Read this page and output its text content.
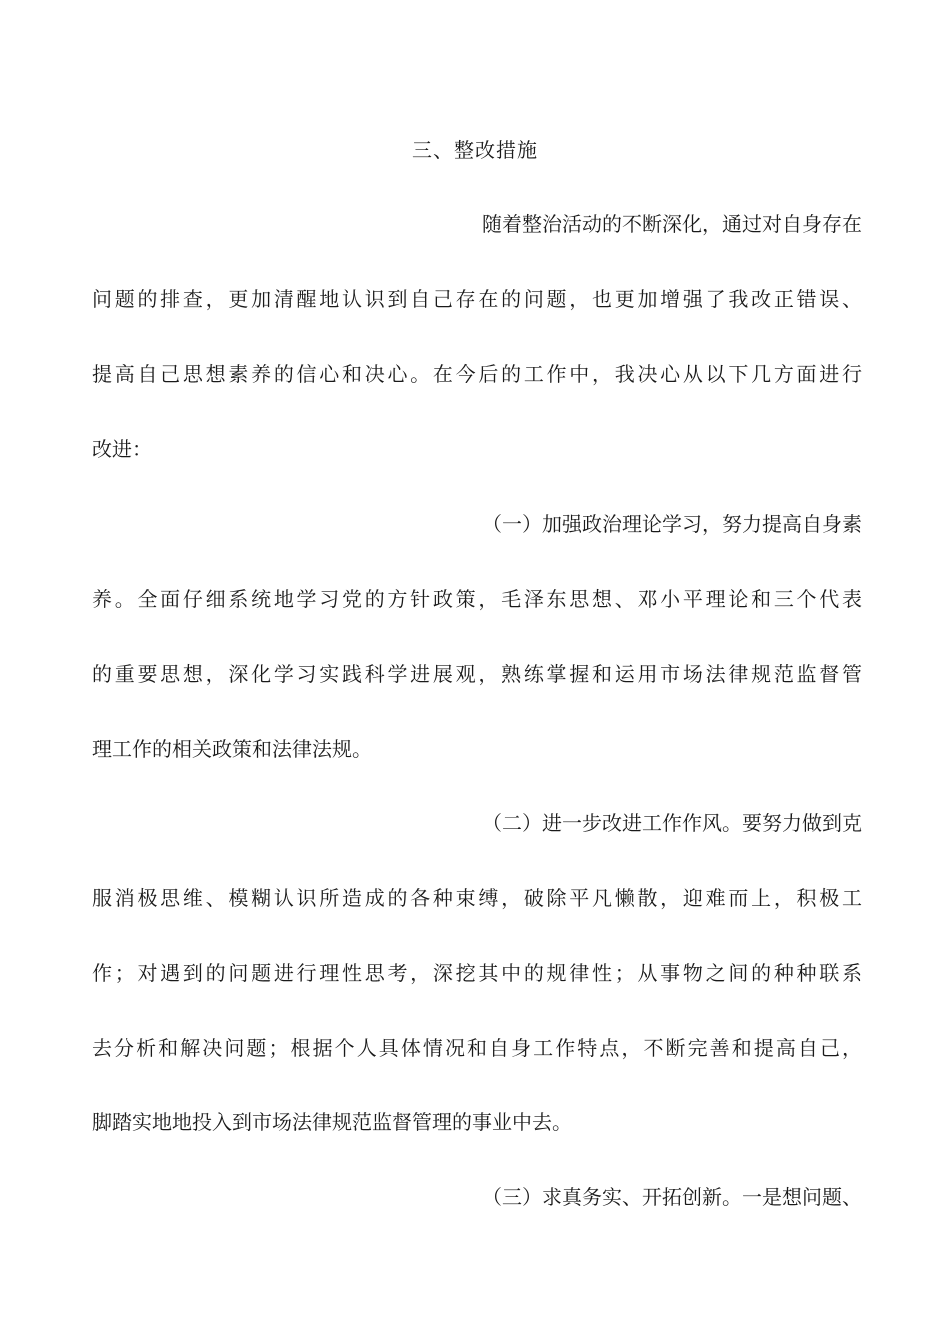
三、整改措施
随着整治活动的不断深化，通过对自身存在
问题的排查，更加清醒地认识到自己存在的问题，也更加增强了我改正错误、
提高自己思想素养的信心和决心。在今后的工作中，我决心从以下几方面进行
改进：
（一）加强政治理论学习，努力提高自身素
养。全面仔细系统地学习党的方针政策，毛泽东思想、邓小平理论和三个代表
的重要思想，深化学习实践科学进展观，熟练掌握和运用市场法律规范监督管
理工作的相关政策和法律法规。
（二）进一步改进工作作风。要努力做到克
服消极思维、模糊认识所造成的各种束缚，破除平凡懒散，迎难而上，积极工
作；对遇到的问题进行理性思考，深挖其中的规律性；从事物之间的种种联系
去分析和解决问题；根据个人具体情况和自身工作特点，不断完善和提高自己，
脚踏实地地投入到市场法律规范监督管理的事业中去。
（三）求真务实、开拓创新。一是想问题、
